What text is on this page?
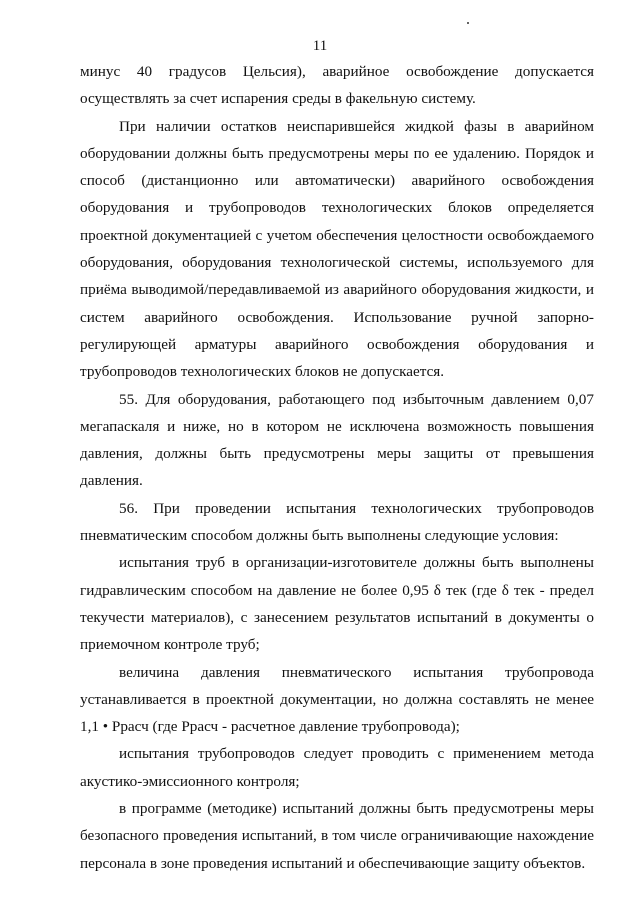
11

минус 40 градусов Цельсия), аварийное освобождение допускается осуществлять за счет испарения среды в факельную систему.

При наличии остатков неиспарившейся жидкой фазы в аварийном оборудовании должны быть предусмотрены меры по ее удалению. Порядок и способ (дистанционно или автоматически) аварийного освобождения оборудования и трубопроводов технологических блоков определяется проектной документацией с учетом обеспечения целостности освобождаемого оборудования, оборудования технологической системы, используемого для приёма выводимой/передавливаемой из аварийного оборудования жидкости, и систем аварийного освобождения. Использование ручной запорно-регулирующей арматуры аварийного освобождения оборудования и трубопроводов технологических блоков не допускается.

55. Для оборудования, работающего под избыточным давлением 0,07 мегапаскаля и ниже, но в котором не исключена возможность повышения давления, должны быть предусмотрены меры защиты от превышения давления.

56. При проведении испытания технологических трубопроводов пневматическим способом должны быть выполнены следующие условия:

испытания труб в организации-изготовителе должны быть выполнены гидравлическим способом на давление не более 0,95 δ тек (где δ тек - предел текучести материалов), с занесением результатов испытаний в документы о приемочном контроле труб;

величина давления пневматического испытания трубопровода устанавливается в проектной документации, но должна составлять не менее 1,1 • Ррасч (где Ррасч - расчетное давление трубопровода);

испытания трубопроводов следует проводить с применением метода акустико-эмиссионного контроля;

в программе (методике) испытаний должны быть предусмотрены меры безопасного проведения испытаний, в том числе ограничивающие нахождение персонала в зоне проведения испытаний и обеспечивающие защиту объектов.
